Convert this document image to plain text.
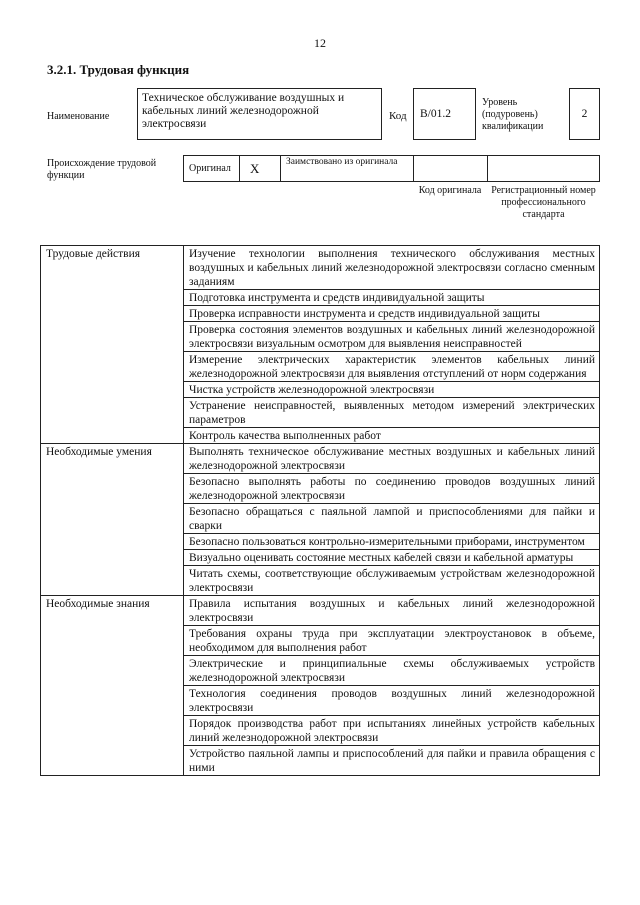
12
3.2.1. Трудовая функция
Наименование
Техническое обслуживание воздушных и кабельных линий железнодорожной электросвязи
Код	B/01.2
Уровень (подуровень) квалификации
2
Происхождение трудовой функции
Оригинал X	Заимствовано из оригинала
Код оригинала Регистрационный номер профессионального стандарта
Трудовые действия	Изучение технологии выполнения технического обслуживания местных воздушных и кабельных линий железнодорожной электросвязи согласно сменным заданиям
	Подготовка инструмента и средств индивидуальной защиты
	Проверка исправности инструмента и средств индивидуальной защиты
	Проверка состояния элементов воздушных и кабельных линий железнодорожной электросвязи визуальным осмотром для выявления неисправностей
	Измерение электрических характеристик элементов кабельных линий железнодорожной электросвязи для выявления отступлений от норм содержания
	Чистка устройств железнодорожной электросвязи
	Устранение неисправностей, выявленных методом измерений электрических параметров
	Контроль качества выполненных работ
Необходимые умения	Выполнять техническое обслуживание местных воздушных и кабельных линий железнодорожной электросвязи
	Безопасно выполнять работы по соединению проводов воздушных линий железнодорожной электросвязи
	Безопасно обращаться с паяльной лампой и приспособлениями для пайки и сварки
	Безопасно пользоваться контрольно-измерительными приборами, инструментом
	Визуально оценивать состояние местных кабелей связи и кабельной арматуры
	Читать схемы, соответствующие обслуживаемым устройствам железнодорожной электросвязи
Необходимые знания	Правила испытания воздушных и кабельных линий железнодорожной электросвязи
	Требования охраны труда при эксплуатации электроустановок в объеме, необходимом для выполнения работ
	Электрические и принципиальные схемы обслуживаемых устройств железнодорожной электросвязи
	Технология соединения проводов воздушных линий железнодорожной электросвязи
	Порядок производства работ при испытаниях линейных устройств кабельных линий железнодорожной электросвязи
	Устройство паяльной лампы и приспособлений для пайки и правила обращения с ними
